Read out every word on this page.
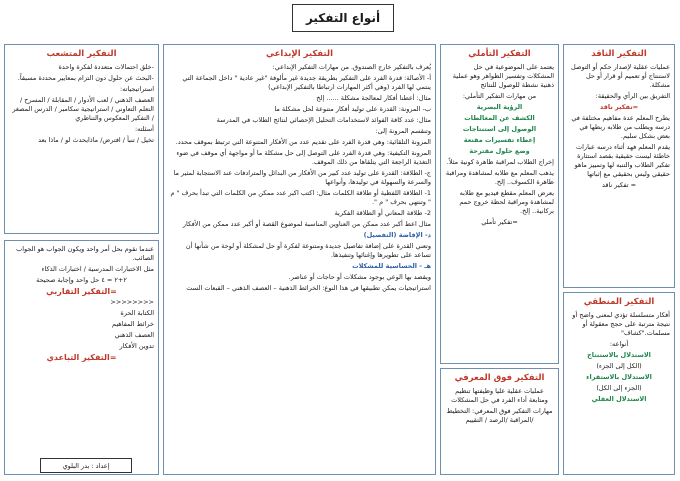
أنواع التفكير
التفكير الناقد
عمليات عقلية لإصدار حكم أو التوصل لاستنتاج أو تعميم أو قرار أو حل مشكلة.
التفريق بين الرأي والحقيقة:
=تفكير ناقد
يطرح المعلم عدة مفاهيم مختلفة في درسه ويطلب من طلابه ربطها في بعض بشكل سليم.
يقدم المعلم فهد أثناء درسه عبارات خاطئة ليست حقيقية بقصد استثارة تفكير الطلاب والتنبه لها وتمييز ماهو حقيقي وليس بحقيقي مع إثباتها
= تفكير ناقد
التفكير المنطقي
أفكار متسلسلة تؤدي لمعنى واضح أو نتيجة مترتبة على حجج معقولة أو مسلمات."كشاف"
أنواعه:
الاستدلال بالاستنتاج
(الكل إلى الجزء)
الاستدلال بالاستقراء
(الجزء إلى الكل)
الاستدلال العقلي
التفكير التأملي
يعتمد على الموضوعية في حل المشكلات وتفسير الظواهر وهو عملية ذهنية نشطة للوصول للنتائج
من مهارات التفكير التأملي:
الرؤية البصرية
الكشف عن المغالطات
الوصول إلى استنتاجات
إعطاء تفسيرات مقنعة
وضع حلول مقترحة
إخراج الطلاب لمراقبة ظاهرة كونية مثلاً.
يذهب المعلم مع طلابه لمشاهدة ومراقبة ظاهرة الكسوف.. إلخ.
يعرض المعلم مقطع فيديو مع طلابه لمشاهدة ومراقبة لحظة خروج حمم بركانية.. إلخ.
=تفكير تأملي
التفكير فوق المعرفي
عمليات عقلية عليا وظيفتها تنظيم ومتابعة أداء الفرد في حل المشكلات
مهارات التفكير فوق المعرفي: التخطيط /المراقبة /الرصد / التقييم
التفكير الإبداعي
يُعرف بالتفكير خارج الصندوق. من مهارات التفكير الإبداعي:
أ- الأصالة: قدرة الفرد على التفكير بطريقة جديدة غير مألوفة "غير عادية " داخل الجماعة التي ينتمي لها الفرد (وهي أكثر المهارات ارتباطا بالتفكير الإبداعي)
مثال: أعطنا أفكار لمعالجة مشكلة ...... إلخ
ب- المرونة: القدرة على توليد أفكار متنوعة لحل مشكلة ما
مثال: عدد كافة الفوائد لاستخدامات التحليل الإحصائي لنتائج الطلاب في المدرسة
وتنقسم المرونة إلى:
المرونة التلقائية: وهي قدرة الفرد على تقديم عدد من الأفكار المتنوعة التي ترتبط بموقف محدد.
المرونة التكيفية: وهي قدرة الفرد على التوصل إلى حل مشكلة ما أو مواجهة أي موقف في ضوء التغذية الراجعة التي يتلقاها من ذلك الموقف.
ج- الطلاقة: القدرة على توليد عدد كبير من الأفكار من البدائل والمترادفات عند الاستجابة لمثير ما والسرعة والسهولة في توليدها، وأنواعها
1- الطلاقة اللفظية أو طلاقة الكلمات مثال: اكتب اكبر عدد ممكن من الكلمات التي تبدأ بحرف " م " وتنتهي بحرف " م ".
2- طلاقة المعاني أو الطلاقة الفكرية
مثال اعط أكبر عدد ممكن من العناوين المناسبة لموضوع القصة أو أكبر عدد ممكن من الأفكار
د- الإفاضة (التفصيل)
وتعني القدرة على إضافة تفاصيل جديدة ومتنوعة لفكرة أو حل لمشكلة أو لوحة من شأنها أن تساعد على تطويرها وإغنائها وتنفيذها.
هـ - الحساسية للمشكلات
ويقصد بها الوعي بوجود مشكلات أو حاجات أو عناصر.
استراتيجيات يمكن تطبيقها في هذا النوع: الخرائط الذهنية – العصف الذهني – القبعات الست
التفكير المتشعب
-خلق احتمالات متعددة لفكرة واحدة
-البحث عن حلول دون التزام بمعايير محددة مسبقاً.
استراتيجياته:
العصف الذهني / لعب الأدوار / المقابلة / المسرح / التعلم التعاوني / استراتيجية سكامبر / الدرس المصغر / التفكير المعكوس والتناظري
أسئلته:
تخيل / تنبأ / افترض/ ماذايحدث لو / ماذا بعد
عندما نقوم بحل أمر واحد ويكون الجواب هو الجواب الصائب.
مثل الاختبارات المدرسية / اختبارات الذكاء
٢+٢ = ٤ حل واحد وإجابة صحيحة
=التفكير التقاربي
<<<<<<<<
الكتابة الحرة
خرائط المفاهيم
العصف الذهني
تدوين الأفكار
=التفكير التباعدي
إعداد : بدر البلوي
